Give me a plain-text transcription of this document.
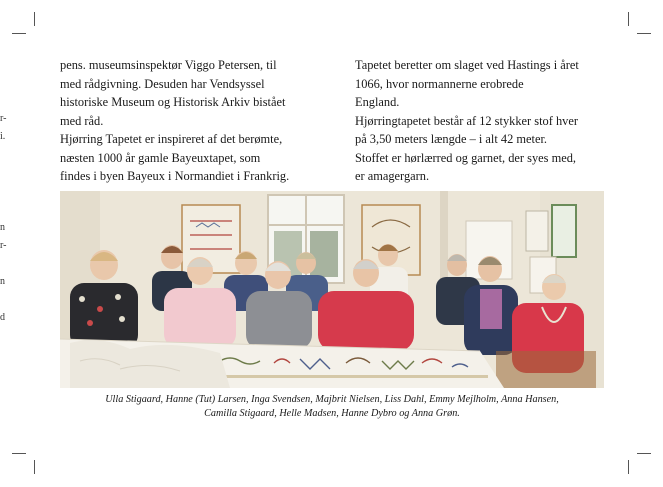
r-
i.
n
r-
n
d

pens. museumsinspektør Viggo Petersen, til

med rådgivning. Desuden har Vendsyssel

historiske Museum og Historisk Arkiv bistået

med råd.

Hjørring Tapetet er inspireret af det berømte,

næsten 1000 år gamle Bayeuxtapet, som

findes i byen Bayeux i Normandiet i Frankrig.

Tapetet beretter om slaget ved Hastings i året

1066, hvor normannerne erobrede

England.

Hjørringtapetet består af 12 stykker stof hver

på 3,50 meters længde – i alt 42 meter.

Stoffet er hørlærred og garnet, der syes med,

er amagergarn.

Ulla Stigaard, Hanne (Tut) Larsen, Inga Svendsen, Majbrit Nielsen, Liss Dahl, Emmy Mejlholm, Anna Hansen,
Camilla Stigaard, Helle Madsen, Hanne Dybro og Anna Grøn.
